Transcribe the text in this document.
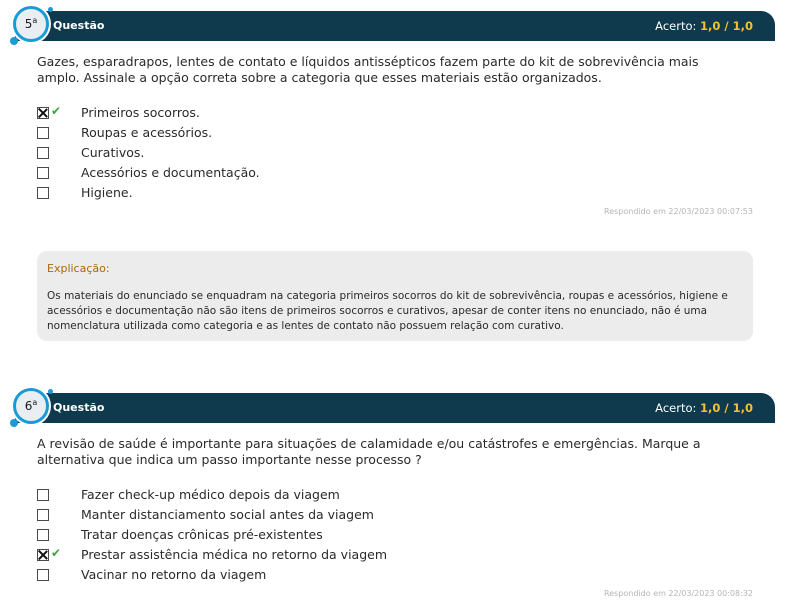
Questão	Acerto: 1,0 / 1,0
5$^a$
Gazes, esparadrapos, lentes de contato e líquidos antissépticos fazem parte do kit de sobrevivência mais amplo. Assinale a opção correta sobre a categoria que esses materiais estão organizados.
✔ Primeiros socorros.
Roupas e acessórios.
Curativos.
Acessórios e documentação.
Higiene.
Respondido em 22/03/2023 00:07:53
Explicação:
Os materiais do enunciado se enquadram na categoria primeiros socorros do kit de sobrevivência, roupas e acessórios, higiene e acessórios e documentação não são itens de primeiros socorros e curativos, apesar de conter itens no enunciado, não é uma nomenclatura utilizada como categoria e as lentes de contato não possuem relação com curativo.
Questão	Acerto: 1,0 / 1,0
6$^a$
A revisão de saúde é importante para situações de calamidade e/ou catástrofes e emergências. Marque a alternativa que indica um passo importante nesse processo ?
Fazer check-up médico depois da viagem
Manter distanciamento social antes da viagem
Tratar doenças crônicas pré-existentes
✔ Prestar assistência médica no retorno da viagem
Vacinar no retorno da viagem
Respondido em 22/03/2023 00:08:32
